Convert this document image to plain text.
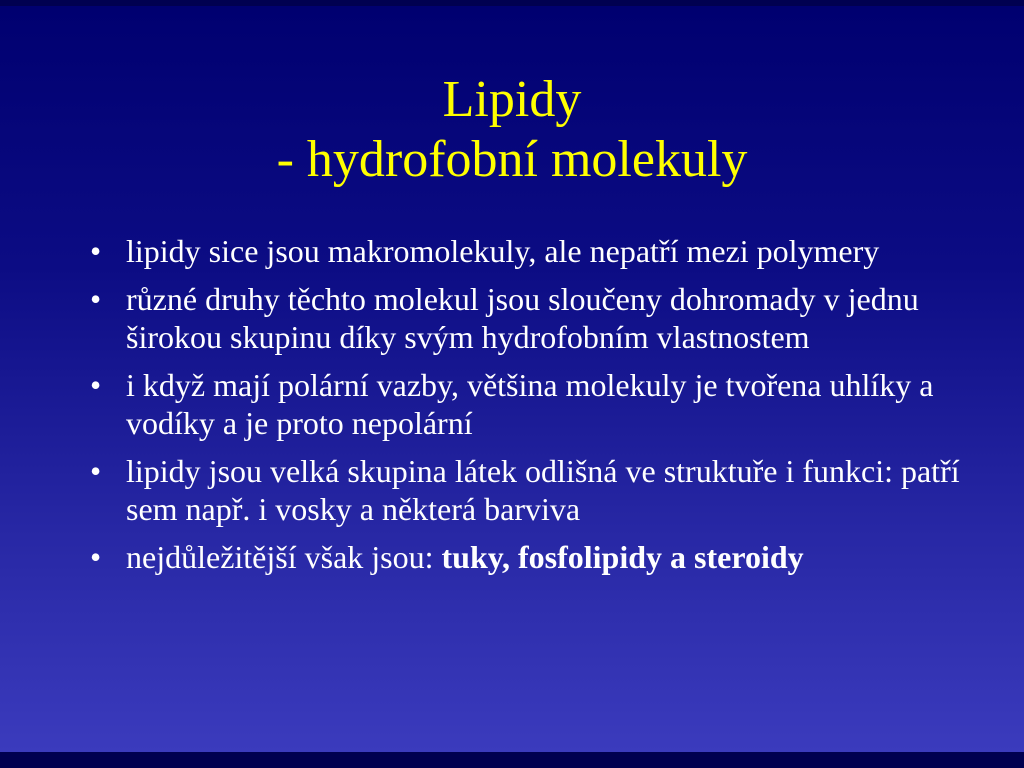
Lipidy
- hydrofobní molekuly
• lipidy sice jsou makromolekuly, ale nepatří mezi polymery
• různé druhy těchto molekul jsou sloučeny dohromady v jednu širokou skupinu díky svým hydrofobním vlastnostem
• i když mají polární vazby, většina molekuly je tvořena uhlíky a vodíky a je proto nepolární
• lipidy jsou velká skupina látek odlišná ve struktuře i funkci: patří sem např. i vosky a některá barviva
• nejdůležitější však jsou: tuky, fosfolipidy a steroidy
